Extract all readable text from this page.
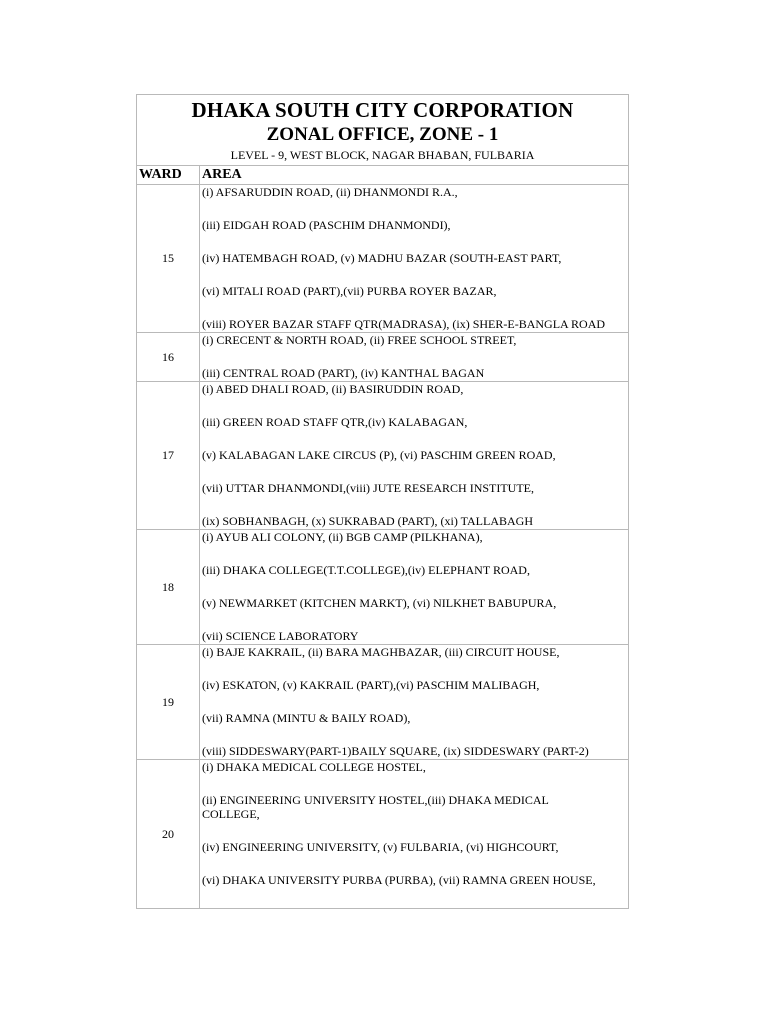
DHAKA SOUTH CITY CORPORATION
ZONAL OFFICE, ZONE - 1
LEVEL - 9, WEST BLOCK, NAGAR BHABAN, FULBARIA	

WARD	AREA
15	(i) AFSARUDDIN ROAD, (ii) DHANMONDI R.A.,
(iii) EIDGAH ROAD (PASCHIM DHANMONDI),
(iv) HATEMBAGH ROAD, (v) MADHU BAZAR (SOUTH-EAST PART,
(vi) MITALI ROAD (PART),(vii) PURBA ROYER BAZAR,
(viii) ROYER BAZAR STAFF QTR(MADRASA), (ix) SHER-E-BANGLA ROAD

16	(i) CRECENT & NORTH ROAD, (ii) FREE SCHOOL STREET,
(iii) CENTRAL ROAD (PART), (iv) KANTHAL BAGAN

17	(i) ABED DHALI ROAD, (ii) BASIRUDDIN ROAD,
(iii) GREEN ROAD STAFF QTR,(iv) KALABAGAN,
(v) KALABAGAN LAKE CIRCUS (P), (vi) PASCHIM GREEN ROAD,
(vii) UTTAR DHANMONDI,(viii) JUTE RESEARCH INSTITUTE,
(ix) SOBHANBAGH, (x) SUKRABAD (PART), (xi) TALLABAGH

18	(i) AYUB ALI COLONY, (ii) BGB CAMP (PILKHANA),
(iii) DHAKA COLLEGE(T.T.COLLEGE),(iv) ELEPHANT ROAD,
(v) NEWMARKET (KITCHEN MARKT), (vi) NILKHET BABUPURA,
(vii) SCIENCE LABORATORY

19	(i) BAJE KAKRAIL, (ii) BARA MAGHBAZAR, (iii) CIRCUIT HOUSE,
(iv) ESKATON, (v) KAKRAIL (PART),(vi) PASCHIM MALIBAGH,
(vii) RAMNA (MINTU & BAILY ROAD),
(viii) SIDDESWARY(PART-1)BAILY SQUARE, (ix) SIDDESWARY (PART-2)

20	(i) DHAKA MEDICAL COLLEGE HOSTEL,
(ii) ENGINEERING UNIVERSITY HOSTEL,(iii) DHAKA MEDICAL
COLLEGE,
(iv) ENGINEERING UNIVERSITY, (v) FULBARIA, (vi) HIGHCOURT,
(vi) DHAKA UNIVERSITY PURBA (PURBA), (vii) RAMNA GREEN HOUSE,
